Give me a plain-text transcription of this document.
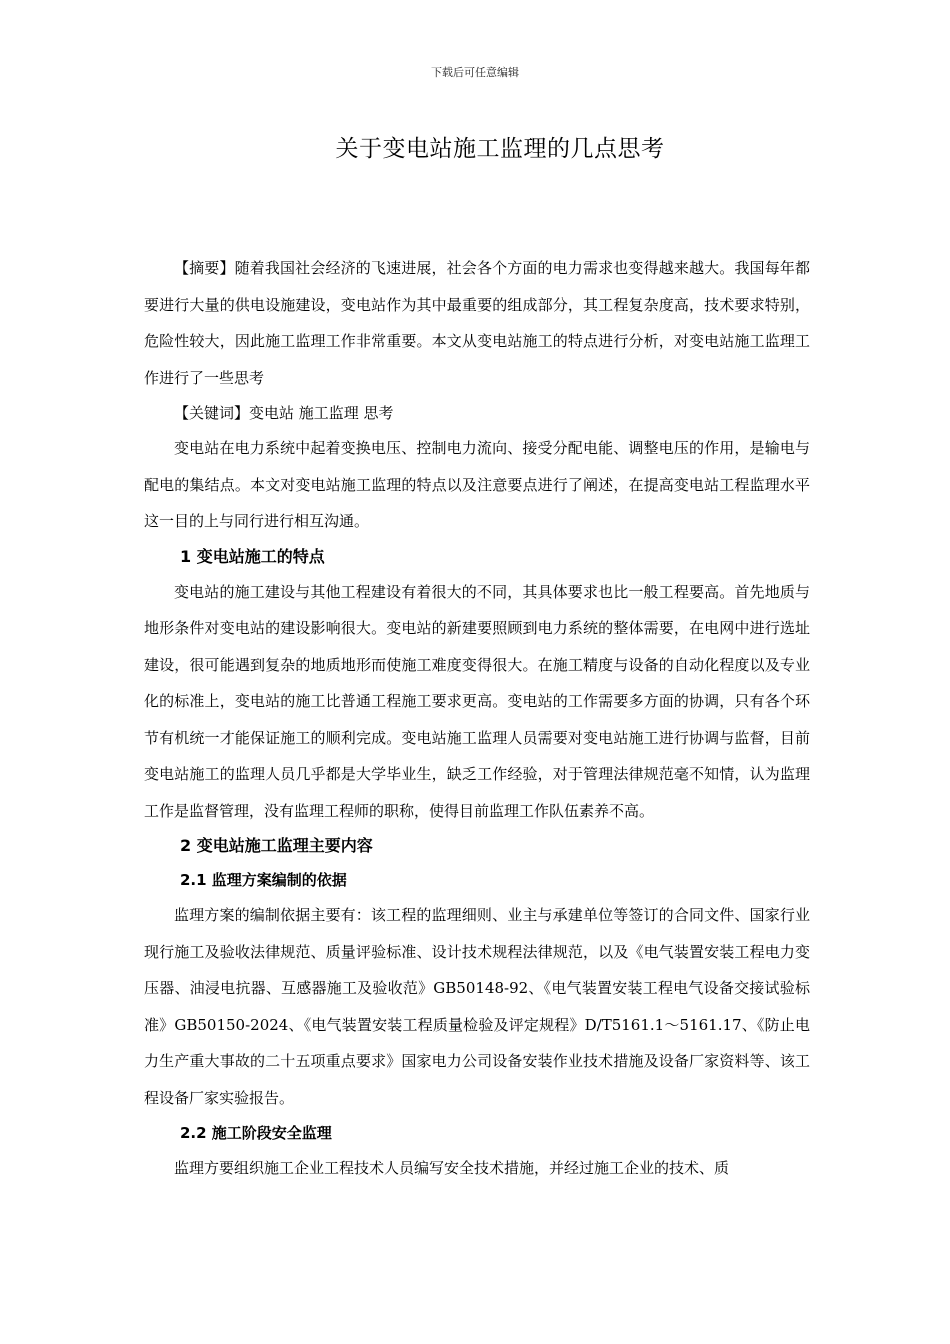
下载后可任意编辑
关于变电站施工监理的几点思考

【摘要】随着我国社会经济的飞速进展，社会各个方面的电力需求也变得越来越大。我国每年都要进行大量的供电设施建设，变电站作为其中最重要的组成部分，其工程复杂度高，技术要求特别，危险性较大，因此施工监理工作非常重要。本文从变电站施工的特点进行分析，对变电站施工监理工作进行了一些思考

【关键词】变电站 施工监理 思考

变电站在电力系统中起着变换电压、控制电力流向、接受分配电能、调整电压的作用，是输电与配电的集结点。本文对变电站施工监理的特点以及注意要点进行了阐述，在提高变电站工程监理水平这一目的上与同行进行相互沟通。

1 变电站施工的特点

变电站的施工建设与其他工程建设有着很大的不同，其具体要求也比一般工程要高。首先地质与地形条件对变电站的建设影响很大。变电站的新建要照顾到电力系统的整体需要，在电网中进行选址建设，很可能遇到复杂的地质地形而使施工难度变得很大。在施工精度与设备的自动化程度以及专业化的标准上，变电站的施工比普通工程施工要求更高。变电站的工作需要多方面的协调，只有各个环节有机统一才能保证施工的顺利完成。变电站施工监理人员需要对变电站施工进行协调与监督，目前变电站施工的监理人员几乎都是大学毕业生，缺乏工作经验，对于管理法律规范毫不知情，认为监理工作是监督管理，没有监理工程师的职称，使得目前监理工作队伍素养不高。

2 变电站施工监理主要内容
2.1 监理方案编制的依据

监理方案的编制依据主要有：该工程的监理细则、业主与承建单位等签订的合同文件、国家行业现行施工及验收法律规范、质量评验标准、设计技术规程法律规范，以及《电气装置安装工程电力变压器、油浸电抗器、互感器施工及验收范》GB50148-92、《电气装置安装工程电气设备交接试验标准》GB50150-2024、《电气装置安装工程质量检验及评定规程》D/T5161.1～5161.17、《防止电力生产重大事故的二十五项重点要求》国家电力公司设备安装作业技术措施及设备厂家资料等、该工程设备厂家实验报告。

2.2 施工阶段安全监理

监理方要组织施工企业工程技术人员编写安全技术措施，并经过施工企业的技术、质
